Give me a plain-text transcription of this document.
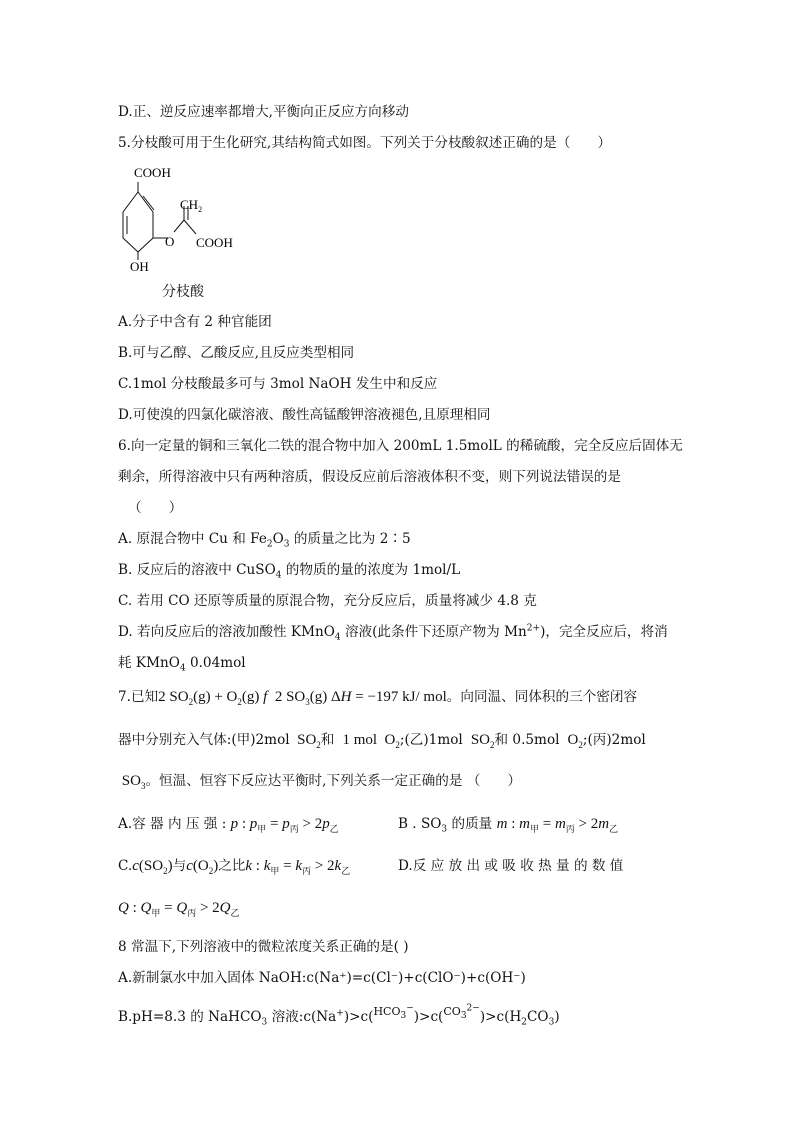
D.正、逆反应速率都增大,平衡向正反应方向移动
5.分枝酸可用于生化研究,其结构简式如图。下列关于分枝酸叙述正确的是（　　）
COOH
$CH_2$
O COOH
OH
分枝酸
A.分子中含有 2 种官能团
B.可与乙醇、乙酸反应,且反应类型相同
C.1mol 分枝酸最多可与 3mol NaOH 发生中和反应
D.可使溴的四氯化碳溶液、酸性高锰酸钾溶液褪色,且原理相同
6.向一定量的铜和三氧化二铁的混合物中加入 200mL 1.5molL 的稀硫酸，完全反应后固体无
剩余，所得溶液中只有两种溶质，假设反应前后溶液体积不变，则下列说法错误的是
（　　）
A. 原混合物中 Cu 和 $Fe_2O_3$ 的质量之比为 2∶5
B. 反应后的溶液中 CuSO$_4$ 的物质的量的浓度为 1mol/L
C. 若用 CO 还原等质量的原混合物，充分反应后，质量将减少 4.8 克
D. 若向反应后的溶液加酸性 KMnO$_4$ 溶液(此条件下还原产物为 $Mn^{2+}$)，完全反应后，将消
耗 KMnO$_4$ 0.04mol
7.已知2 $SO_2(g) + O_2(g)$ f  2 $SO_3(g) \Delta H = -197$ kJ/ mol。向同温、同体积的三个密闭容
器中分别充入气体:(甲)2mol  $SO_2$和  1 mol  $O_2$;(乙)1mol  $SO_2$和 0.5mol  $O_2$;(丙)2mol
$SO_3$。恒温、恒容下反应达平衡时,下列关系一定正确的是 （　　）
A.容 器 内 压 强 : p : $p_甲 = p_丙 > 2p_乙$	B . $SO_3$ 的质量 m : $m_甲 = m_丙 > 2m_乙$
$C.c(SO_2)$与$c(O_2)$之比k : $k_甲 = k_丙 > 2k_乙$	D.反 应 放 出 或 吸 收 热 量 的 数 值
Q : $Q_甲 = Q_丙 > 2Q_乙$
8 常温下,下列溶液中的微粒浓度关系正确的是( )
A.新制氯水中加入固体 NaOH:c(Na⁺)=c(Cl⁻)+c(ClO⁻)+c(OH⁻)
B.pH=8.3 的 NaHCO$_3$ 溶液$:c(Na^+)>c(HCO_3^-)>c(CO_3^{2-})>c(H_2CO_3)$
